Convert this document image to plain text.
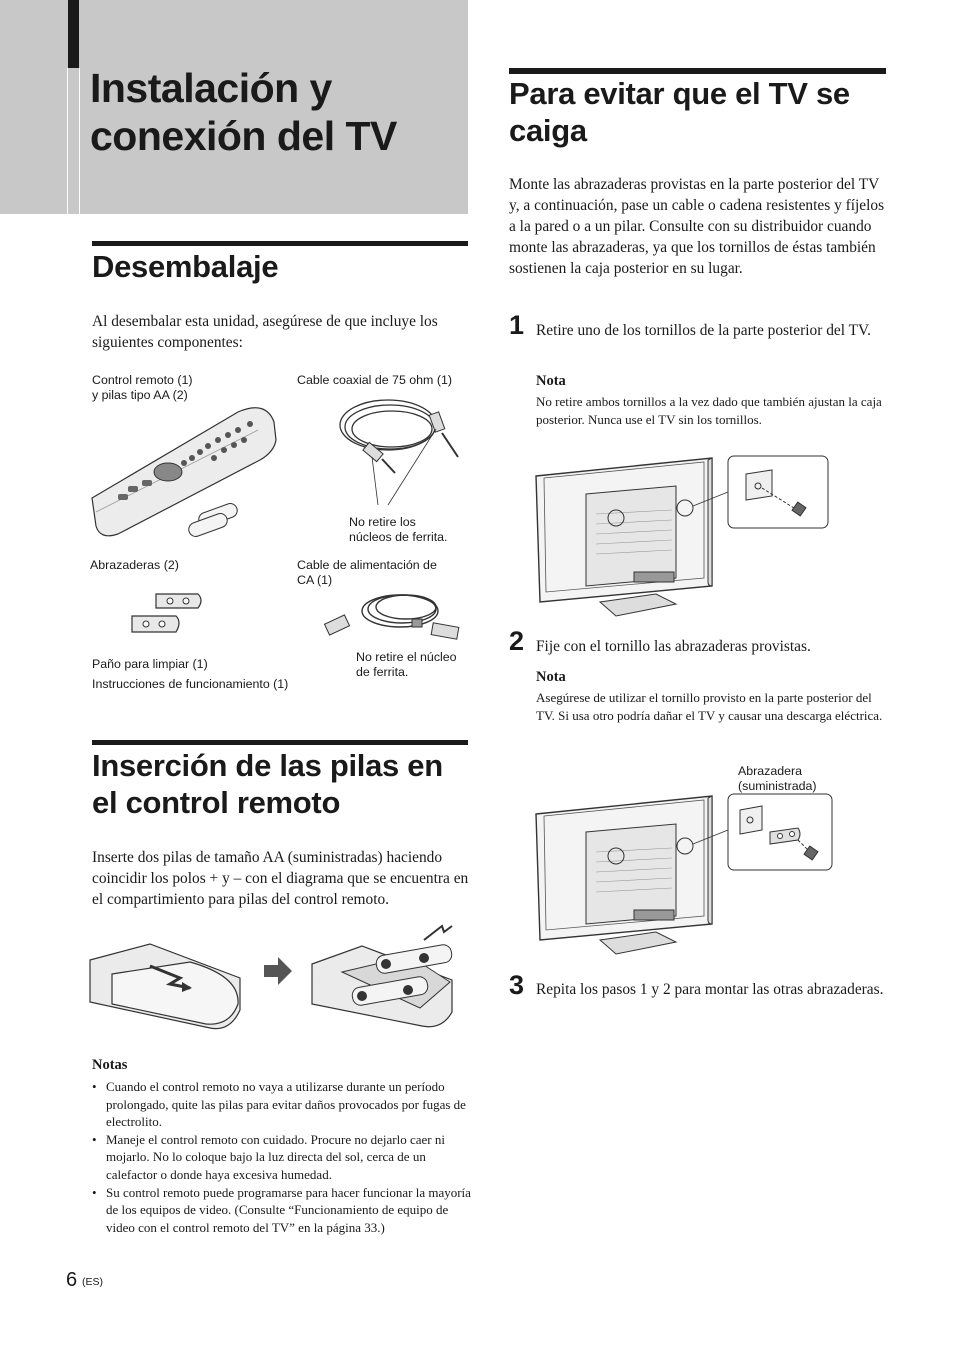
Instalación y conexión del TV
Desembalaje

Al desembalar esta unidad, asegúrese de que incluye los siguientes componentes:

Control remoto (1)
y pilas tipo AA (2)
Cable coaxial de 75 ohm (1)
No retire los
núcleos de ferrita.
Abrazaderas (2)	Cable de alimentación de
CA (1)
No retire el núcleo
de ferrita.
Paño para limpiar (1)
Instrucciones de funcionamiento (1)
Inserción de las pilas en el control remoto

Inserte dos pilas de tamaño AA (suministradas) haciendo coincidir los polos + y – con el diagrama que se encuentra en el compartimiento para pilas del control remoto.

Notas
• Cuando el control remoto no vaya a utilizarse durante un período prolongado, quite las pilas para evitar daños provocados por fugas de electrolito.
• Maneje el control remoto con cuidado. Procure no dejarlo caer ni mojarlo. No lo coloque bajo la luz directa del sol, cerca de un calefactor o donde haya excesiva humedad.
• Su control remoto puede programarse para hacer funcionar la mayoría de los equipos de video. (Consulte “Funcionamiento de equipo de video con el control remoto del TV” en la página 33.)
6 (ES)
Para evitar que el TV se caiga

Monte las abrazaderas provistas en la parte posterior del TV y, a continuación, pase un cable o cadena resistentes y fíjelos a la pared o a un pilar. Consulte con su distribuidor cuando monte las abrazaderas, ya que los tornillos de éstas también sostienen la caja posterior en su lugar.

1 Retire uno de los tornillos de la parte posterior del TV.

Nota

No retire ambos tornillos a la vez dado que también ajustan la caja posterior. Nunca use el TV sin los tornillos.

2 Fije con el tornillo las abrazaderas provistas.

Nota

Asegúrese de utilizar el tornillo provisto en la parte posterior del TV. Si usa otro podría dañar el TV y causar una descarga eléctrica.

Abrazadera
(suministrada)
3 Repita los pasos 1 y 2 para montar las otras abrazaderas.
